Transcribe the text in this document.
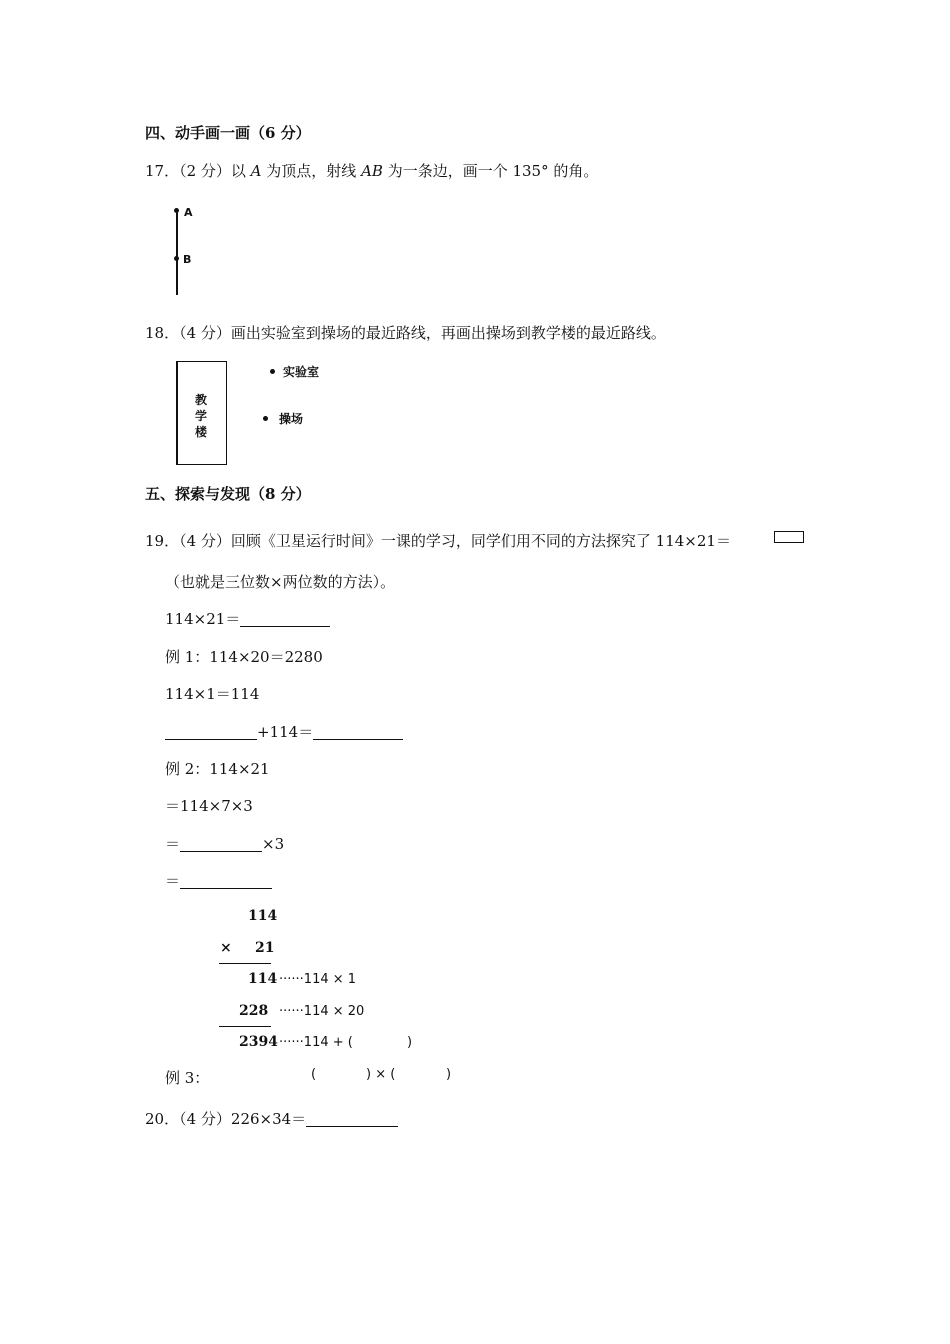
四、动手画一画（6 分）
17．（2 分）以 A 为顶点，射线 AB 为一条边，画一个 135° 的角。
A
B
18．（4 分）画出实验室到操场的最近路线，再画出操场到教学楼的最近路线。
教学楼
实验室
操场
五、探索与发现（8 分）
19．（4 分）回顾《卫星运行时间》一课的学习，同学们用不同的方法探究了 114×21＝
（也就是三位数×两位数的方法）。
114×21＝
例 1：114×20＝2280
114×1＝114
+114＝
例 2：114×21
＝114×7×3
＝	×3
＝
114
× 21
114 ······114 × 1
228 ······114 × 20
2394 ······114 + (	)
例 3：	(	) × (	)
20．（4 分）226×34＝
